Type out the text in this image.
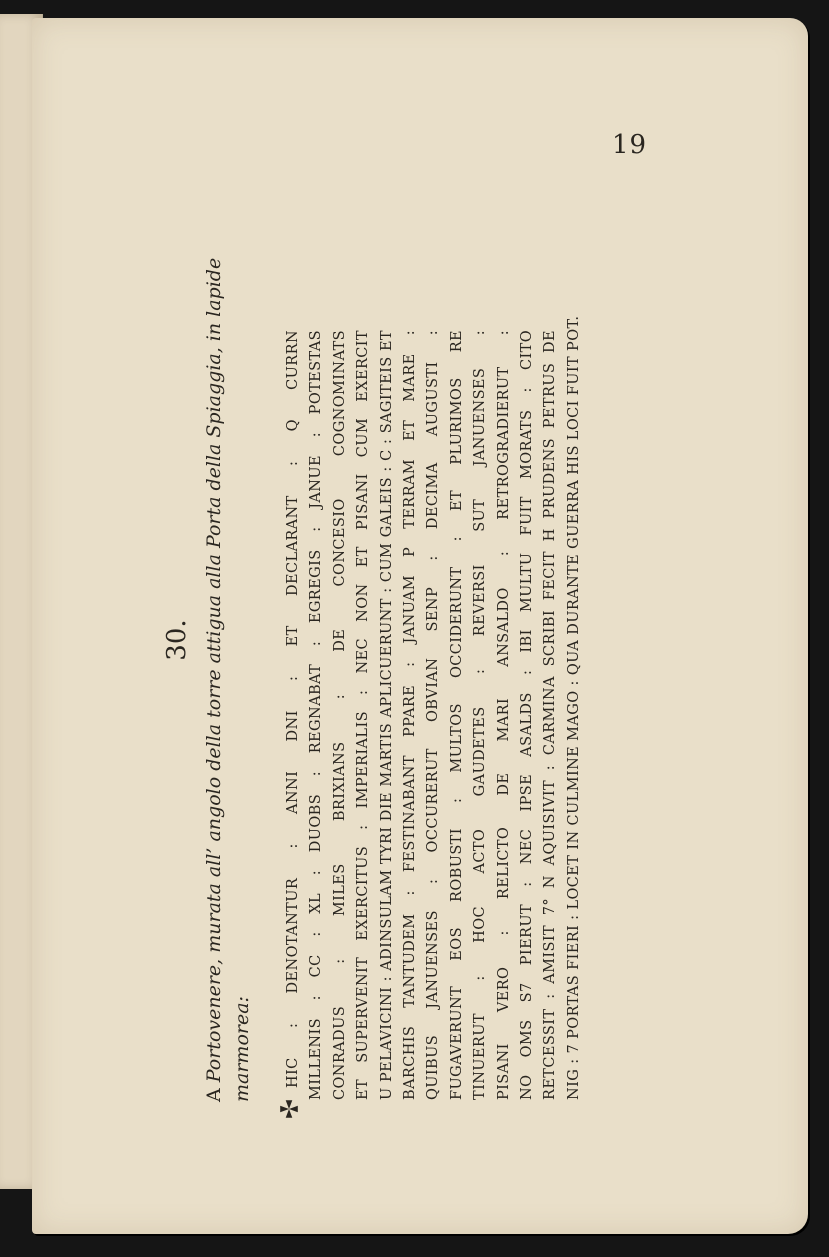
19
30.
A Portovenere, murata all’ angolo della torre attigua alla Porta della Spiaggia, in lapide marmorea:	HIC : DENOTANTUR : ANNI DNI : ET DECLARANT : Q CURRN MILLENIS : CC : XL : DUOBS : REGNABAT : EGREGIS : JANUE : POTESTAS CONRADUS : MILES BRIXIANS : DE CONCESIO COGNOMINATS ET SUPERVENIT EXERCITUS : IMPERIALIS : NEC NON ET PISANI CUM EXERCIT U PELAVICINI : ADINSULAM TYRI DIE MARTIS APLICUERUNT : CUM GALEIS : C : SAGITEIS ET BARCHIS TANTUDEM : FESTINABANT PPARE : JANUAM P TERRAM ET MARE : QUIBUS JANUENSES : OCCURERUT OBVIAN SENP : DECIMA AUGUSTI : FUGAVERUNT EOS ROBUSTI : MULTOS OCCIDERUNT : ET PLURIMOS RE TINUERUT : HOC ACTO GAUDETES : REVERSI SUT JANUENSES : PISANI VERO : RELICTO DE MARI ANSALDO : RETROGRADIERUT : NO OMS S7 PIERUT : NEC IPSE ASALDS : IBI MULTU FUIT MORATS : CITO RETCESSIT : AMISIT 7° N AQUISIVIT : CARMINA SCRIBI FECIT H PRUDENS PETRUS DE NIG : 7 PORTAS FIERI : LOCET IN CULMINE MAGO : QUA DURANTE GUERRA HIS LOCI FUIT POT.
